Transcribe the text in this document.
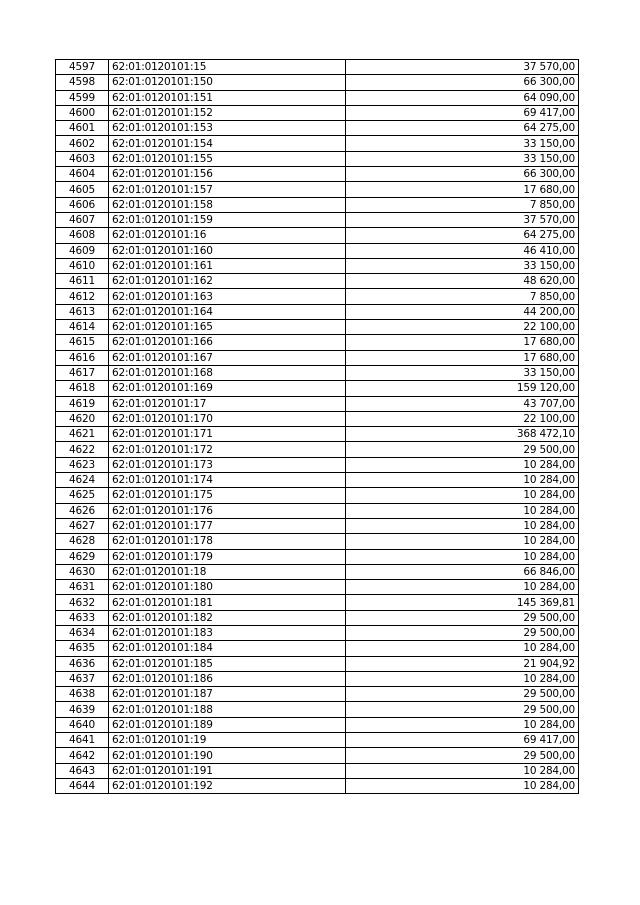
4597	62:01:0120101:15	37 570,00
4598	62:01:0120101:150	66 300,00
4599	62:01:0120101:151	64 090,00
4600	62:01:0120101:152	69 417,00
4601	62:01:0120101:153	64 275,00
4602	62:01:0120101:154	33 150,00
4603	62:01:0120101:155	33 150,00
4604	62:01:0120101:156	66 300,00
4605	62:01:0120101:157	17 680,00
4606	62:01:0120101:158	7 850,00
4607	62:01:0120101:159	37 570,00
4608	62:01:0120101:16	64 275,00
4609	62:01:0120101:160	46 410,00
4610	62:01:0120101:161	33 150,00
4611	62:01:0120101:162	48 620,00
4612	62:01:0120101:163	7 850,00
4613	62:01:0120101:164	44 200,00
4614	62:01:0120101:165	22 100,00
4615	62:01:0120101:166	17 680,00
4616	62:01:0120101:167	17 680,00
4617	62:01:0120101:168	33 150,00
4618	62:01:0120101:169	159 120,00
4619	62:01:0120101:17	43 707,00
4620	62:01:0120101:170	22 100,00
4621	62:01:0120101:171	368 472,10
4622	62:01:0120101:172	29 500,00
4623	62:01:0120101:173	10 284,00
4624	62:01:0120101:174	10 284,00
4625	62:01:0120101:175	10 284,00
4626	62:01:0120101:176	10 284,00
4627	62:01:0120101:177	10 284,00
4628	62:01:0120101:178	10 284,00
4629	62:01:0120101:179	10 284,00
4630	62:01:0120101:18	66 846,00
4631	62:01:0120101:180	10 284,00
4632	62:01:0120101:181	145 369,81
4633	62:01:0120101:182	29 500,00
4634	62:01:0120101:183	29 500,00
4635	62:01:0120101:184	10 284,00
4636	62:01:0120101:185	21 904,92
4637	62:01:0120101:186	10 284,00
4638	62:01:0120101:187	29 500,00
4639	62:01:0120101:188	29 500,00
4640	62:01:0120101:189	10 284,00
4641	62:01:0120101:19	69 417,00
4642	62:01:0120101:190	29 500,00
4643	62:01:0120101:191	10 284,00
4644	62:01:0120101:192	10 284,00
